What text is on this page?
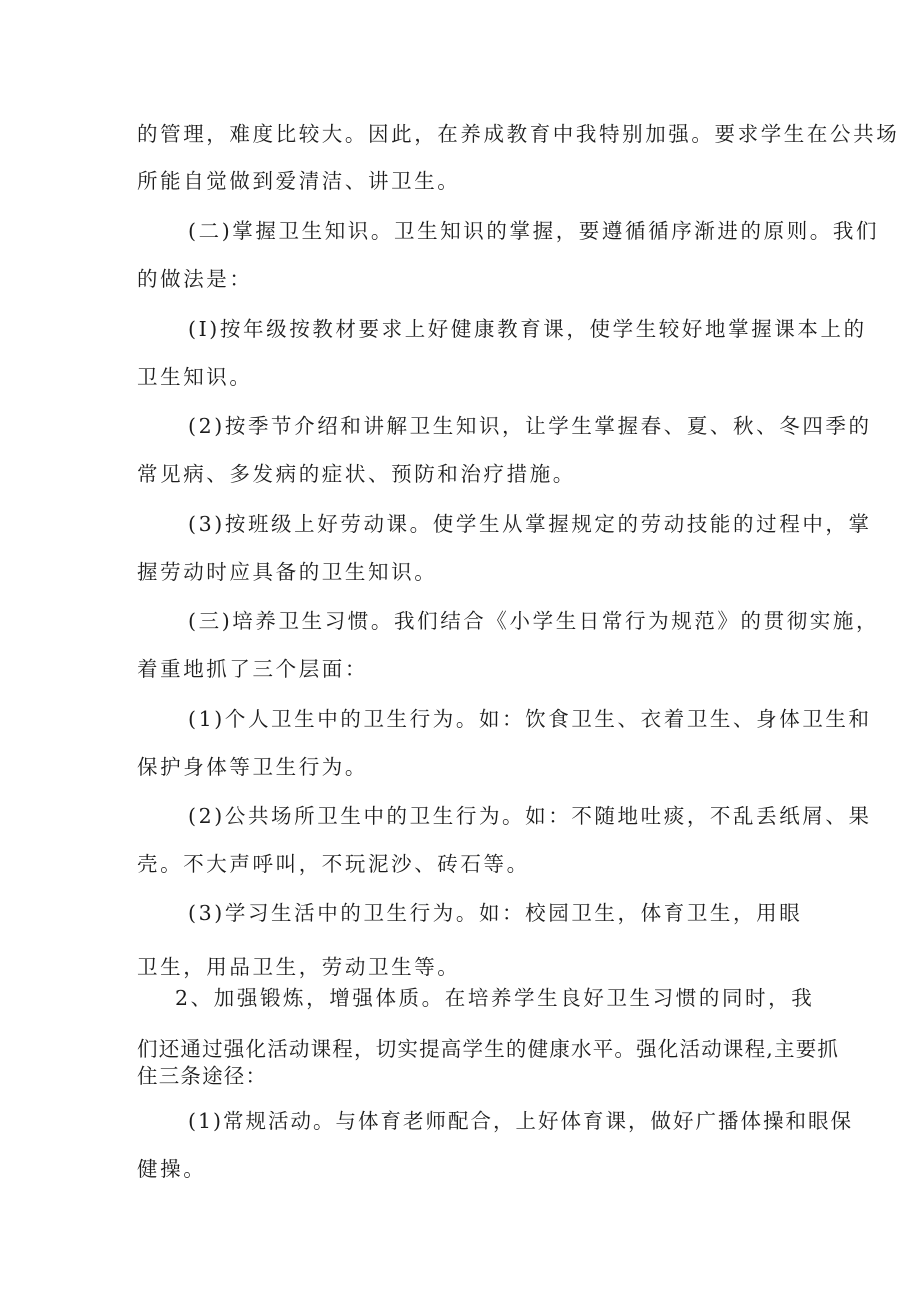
的管理，难度比较大。因此，在养成教育中我特别加强。要求学生在公共场

所能自觉做到爱清洁、讲卫生。

(二)掌握卫生知识。卫生知识的掌握，要遵循循序渐进的原则。我们

的做法是：

(I)按年级按教材要求上好健康教育课，使学生较好地掌握课本上的

卫生知识。

(2)按季节介绍和讲解卫生知识，让学生掌握春、夏、秋、冬四季的

常见病、多发病的症状、预防和治疗措施。

(3)按班级上好劳动课。使学生从掌握规定的劳动技能的过程中，掌

握劳动时应具备的卫生知识。

(三)培养卫生习惯。我们结合《小学生日常行为规范》的贯彻实施，

着重地抓了三个层面：

(1)个人卫生中的卫生行为。如：饮食卫生、衣着卫生、身体卫生和

保护身体等卫生行为。

(2)公共场所卫生中的卫生行为。如：不随地吐痰，不乱丢纸屑、果

壳。不大声呼叫，不玩泥沙、砖石等。

(3)学习生活中的卫生行为。如：校园卫生，体育卫生，用眼

卫生，用品卫生，劳动卫生等。

2、加强锻炼，增强体质。在培养学生良好卫生习惯的同时，我

们还通过强化活动课程，切实提高学生的健康水平。强化活动课程,主要抓

住三条途径：

(1)常规活动。与体育老师配合，上好体育课，做好广播体操和眼保

健操。
